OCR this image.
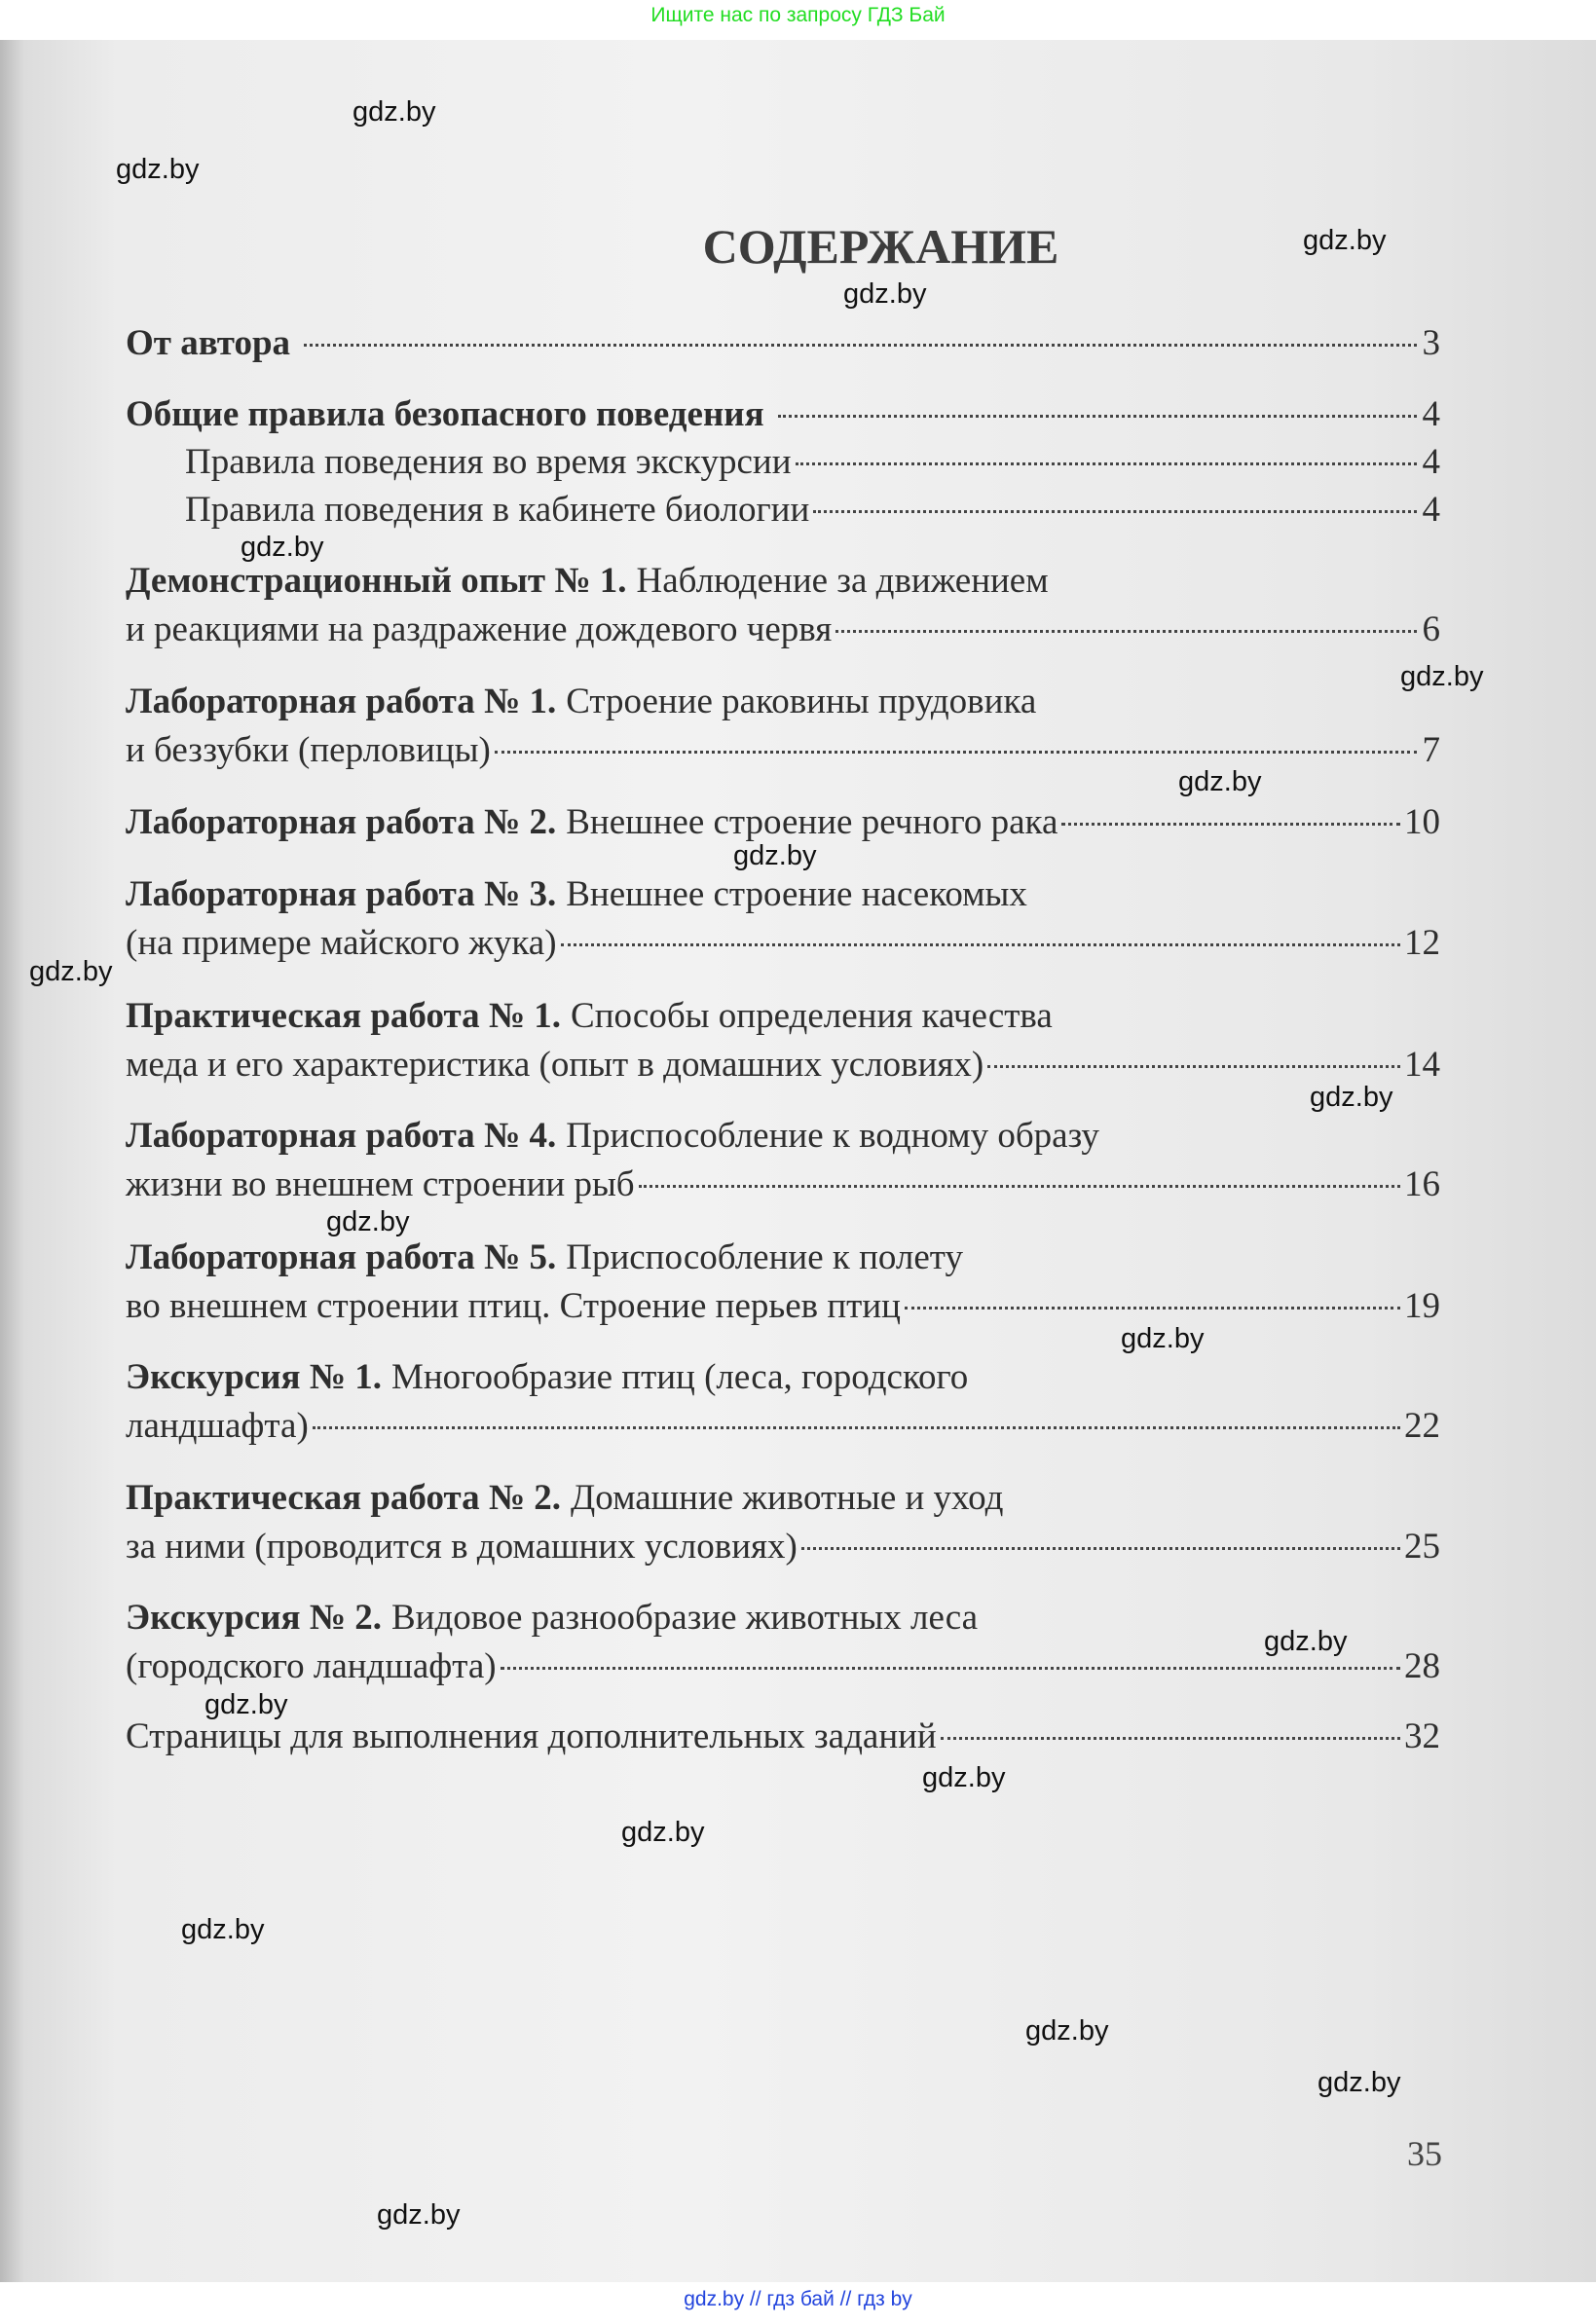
Ищите нас по запросу ГДЗ Бай
СОДЕРЖАНИЕ
От автора	3
Общие правила безопасного поведения	4
Правила поведения во время экскурсии	4
Правила поведения в кабинете биологии	4
Демонстрационный опыт № 1. Наблюдение за движением
и реакциями на раздражение дождевого червя	6
Лабораторная работа № 1. Строение раковины прудовика
и беззубки (перловицы)	7
Лабораторная работа № 2. Внешнее строение речного рака	10
Лабораторная работа № 3. Внешнее строение насекомых
(на примере майского жука)	12
Практическая работа № 1. Способы определения качества
меда и его характеристика (опыт в домашних условиях)	14
Лабораторная работа № 4. Приспособление к водному образу
жизни во внешнем строении рыб	16
Лабораторная работа № 5. Приспособление к полету
во внешнем строении птиц. Строение перьев птиц	19
Экскурсия № 1. Многообразие птиц (леса, городского
ландшафта)	22
Практическая работа № 2. Домашние животные и уход
за ними (проводится в домашних условиях)	25
Экскурсия № 2. Видовое разнообразие животных леса
(городского ландшафта)	28
Страницы для выполнения дополнительных заданий	32
35
gdz.by
gdz.by
gdz.by
gdz.by
gdz.by
gdz.by
gdz.by
gdz.by
gdz.by
gdz.by
gdz.by
gdz.by
gdz.by
gdz.by
gdz.by
gdz.by
gdz.by
gdz.by
gdz.by
gdz.by
gdz.by // гдз бай // гдз by
